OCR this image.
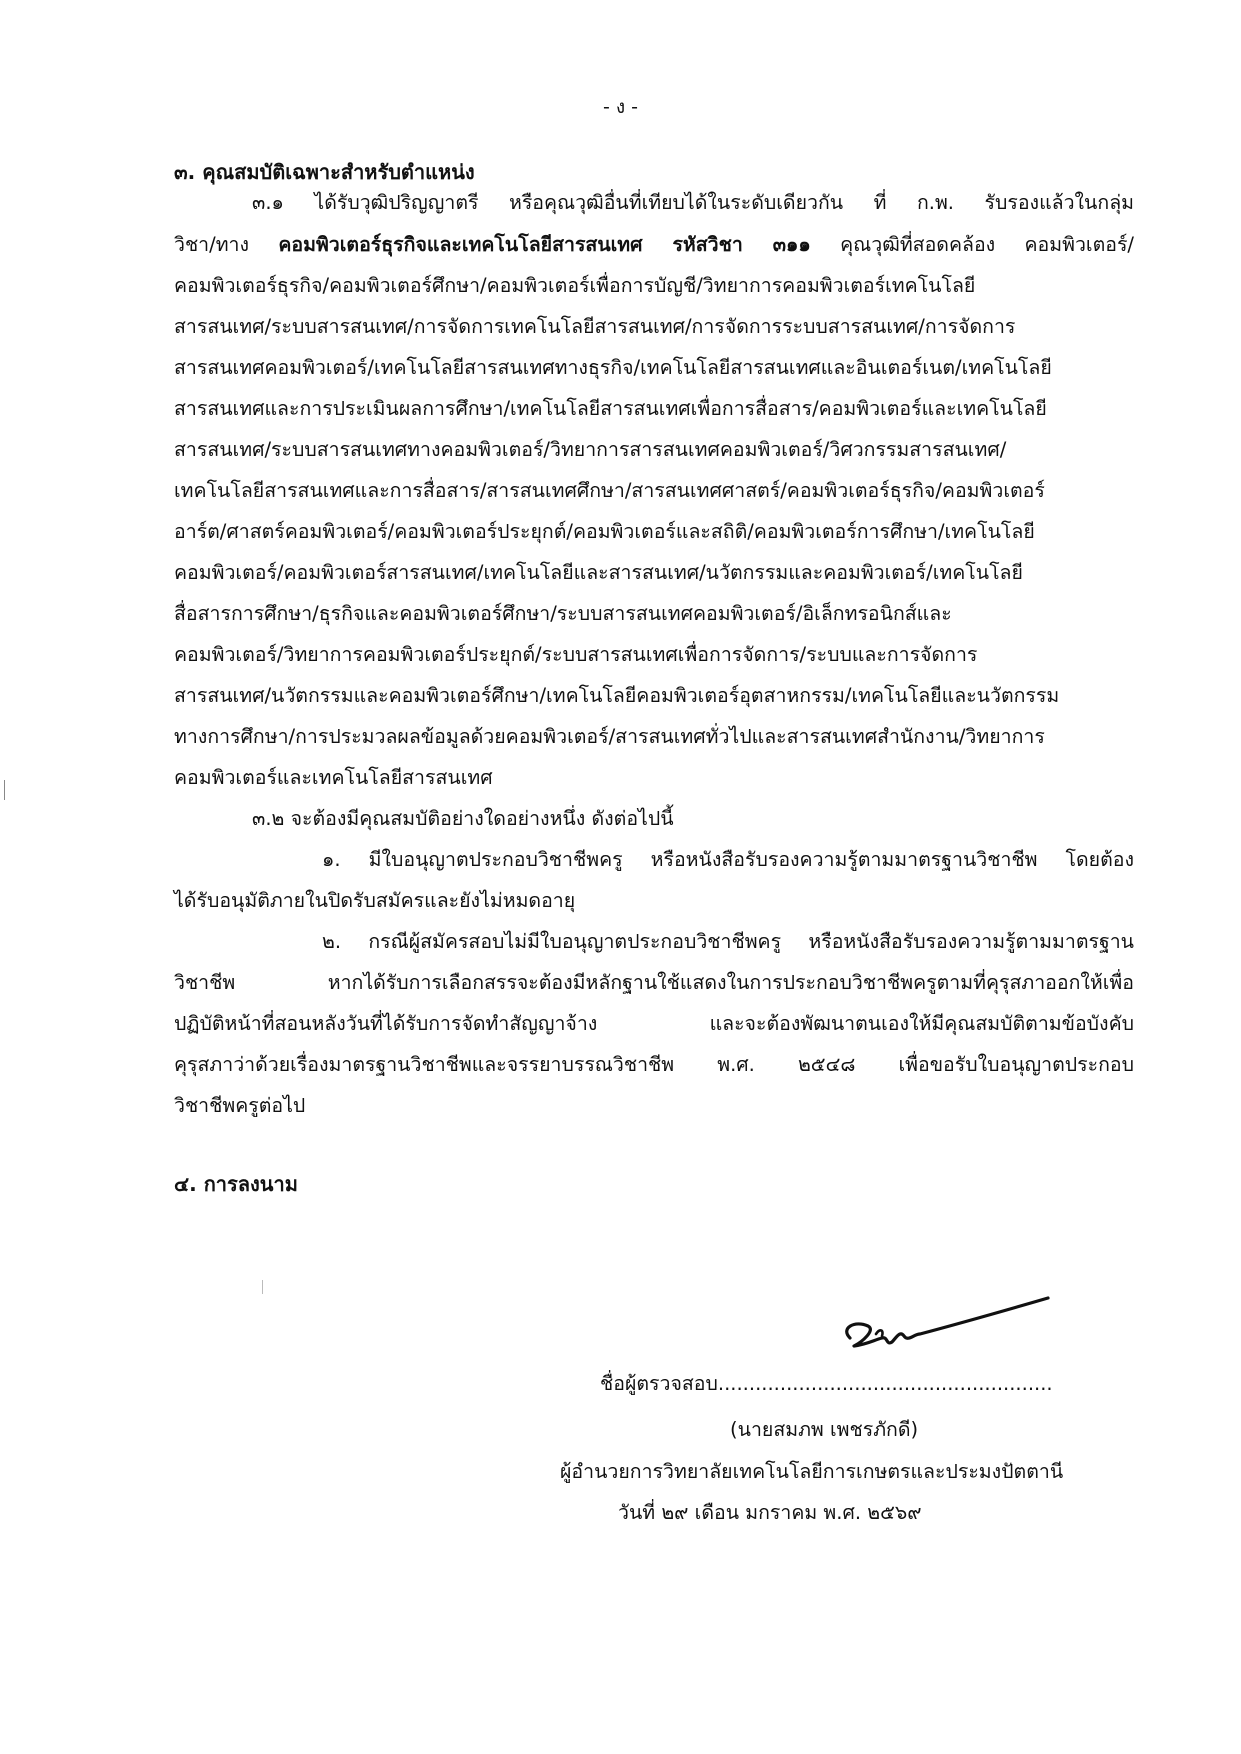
- ง -
๓. คุณสมบัติเฉพาะสำหรับตำแหน่ง
๓.๑ ได้รับวุฒิปริญญาตรี หรือคุณวุฒิอื่นที่เทียบได้ในระดับเดียวกัน ที่ ก.พ. รับรองแล้วในกลุ่ม
วิชา/ทาง คอมพิวเตอร์ธุรกิจและเทคโนโลยีสารสนเทศ รหัสวิชา ๓๑๑ คุณวุฒิที่สอดคล้อง คอมพิวเตอร์/
คอมพิวเตอร์ธุรกิจ/คอมพิวเตอร์ศึกษา/คอมพิวเตอร์เพื่อการบัญชี/วิทยาการคอมพิวเตอร์เทคโนโลยี
สารสนเทศ/ระบบสารสนเทศ/การจัดการเทคโนโลยีสารสนเทศ/การจัดการระบบสารสนเทศ/การจัดการ
สารสนเทศคอมพิวเตอร์/เทคโนโลยีสารสนเทศทางธุรกิจ/เทคโนโลยีสารสนเทศและอินเตอร์เนต/เทคโนโลยี
สารสนเทศและการประเมินผลการศึกษา/เทคโนโลยีสารสนเทศเพื่อการสื่อสาร/คอมพิวเตอร์และเทคโนโลยี
สารสนเทศ/ระบบสารสนเทศทางคอมพิวเตอร์/วิทยาการสารสนเทศคอมพิวเตอร์/วิศวกรรมสารสนเทศ/
เทคโนโลยีสารสนเทศและการสื่อสาร/สารสนเทศศึกษา/สารสนเทศศาสตร์/คอมพิวเตอร์ธุรกิจ/คอมพิวเตอร์
อาร์ต/ศาสตร์คอมพิวเตอร์/คอมพิวเตอร์ประยุกต์/คอมพิวเตอร์และสถิติ/คอมพิวเตอร์การศึกษา/เทคโนโลยี
คอมพิวเตอร์/คอมพิวเตอร์สารสนเทศ/เทคโนโลยีและสารสนเทศ/นวัตกรรมและคอมพิวเตอร์/เทคโนโลยี
สื่อสารการศึกษา/ธุรกิจและคอมพิวเตอร์ศึกษา/ระบบสารสนเทศคอมพิวเตอร์/อิเล็กทรอนิกส์และ
คอมพิวเตอร์/วิทยาการคอมพิวเตอร์ประยุกต์/ระบบสารสนเทศเพื่อการจัดการ/ระบบและการจัดการ
สารสนเทศ/นวัตกรรมและคอมพิวเตอร์ศึกษา/เทคโนโลยีคอมพิวเตอร์อุตสาหกรรม/เทคโนโลยีและนวัตกรรม
ทางการศึกษา/การประมวลผลข้อมูลด้วยคอมพิวเตอร์/สารสนเทศทั่วไปและสารสนเทศสำนักงาน/วิทยาการ
คอมพิวเตอร์และเทคโนโลยีสารสนเทศ
๓.๒ จะต้องมีคุณสมบัติอย่างใดอย่างหนึ่ง ดังต่อไปนี้
๑. มีใบอนุญาตประกอบวิชาชีพครู หรือหนังสือรับรองความรู้ตามมาตรฐานวิชาชีพ โดยต้อง
ได้รับอนุมัติภายในปิดรับสมัครและยังไม่หมดอายุ
๒. กรณีผู้สมัครสอบไม่มีใบอนุญาตประกอบวิชาชีพครู หรือหนังสือรับรองความรู้ตามมาตรฐาน
วิชาชีพ หากได้รับการเลือกสรรจะต้องมีหลักฐานใช้แสดงในการประกอบวิชาชีพครูตามที่คุรุสภาออกให้เพื่อ
ปฏิบัติหน้าที่สอนหลังวันที่ได้รับการจัดทำสัญญาจ้าง และจะต้องพัฒนาตนเองให้มีคุณสมบัติตามข้อบังคับ
คุรุสภาว่าด้วยเรื่องมาตรฐานวิชาชีพและจรรยาบรรณวิชาชีพ พ.ศ. ๒๕๔๘ เพื่อขอรับใบอนุญาตประกอบ
วิชาชีพครูต่อไป
๔. การลงนาม
ชื่อผู้ตรวจสอบ......................................................
(นายสมภพ เพชรภักดี)
ผู้อำนวยการวิทยาลัยเทคโนโลยีการเกษตรและประมงปัตตานี
วันที่ ๒๙ เดือน มกราคม พ.ศ. ๒๕๖๙
